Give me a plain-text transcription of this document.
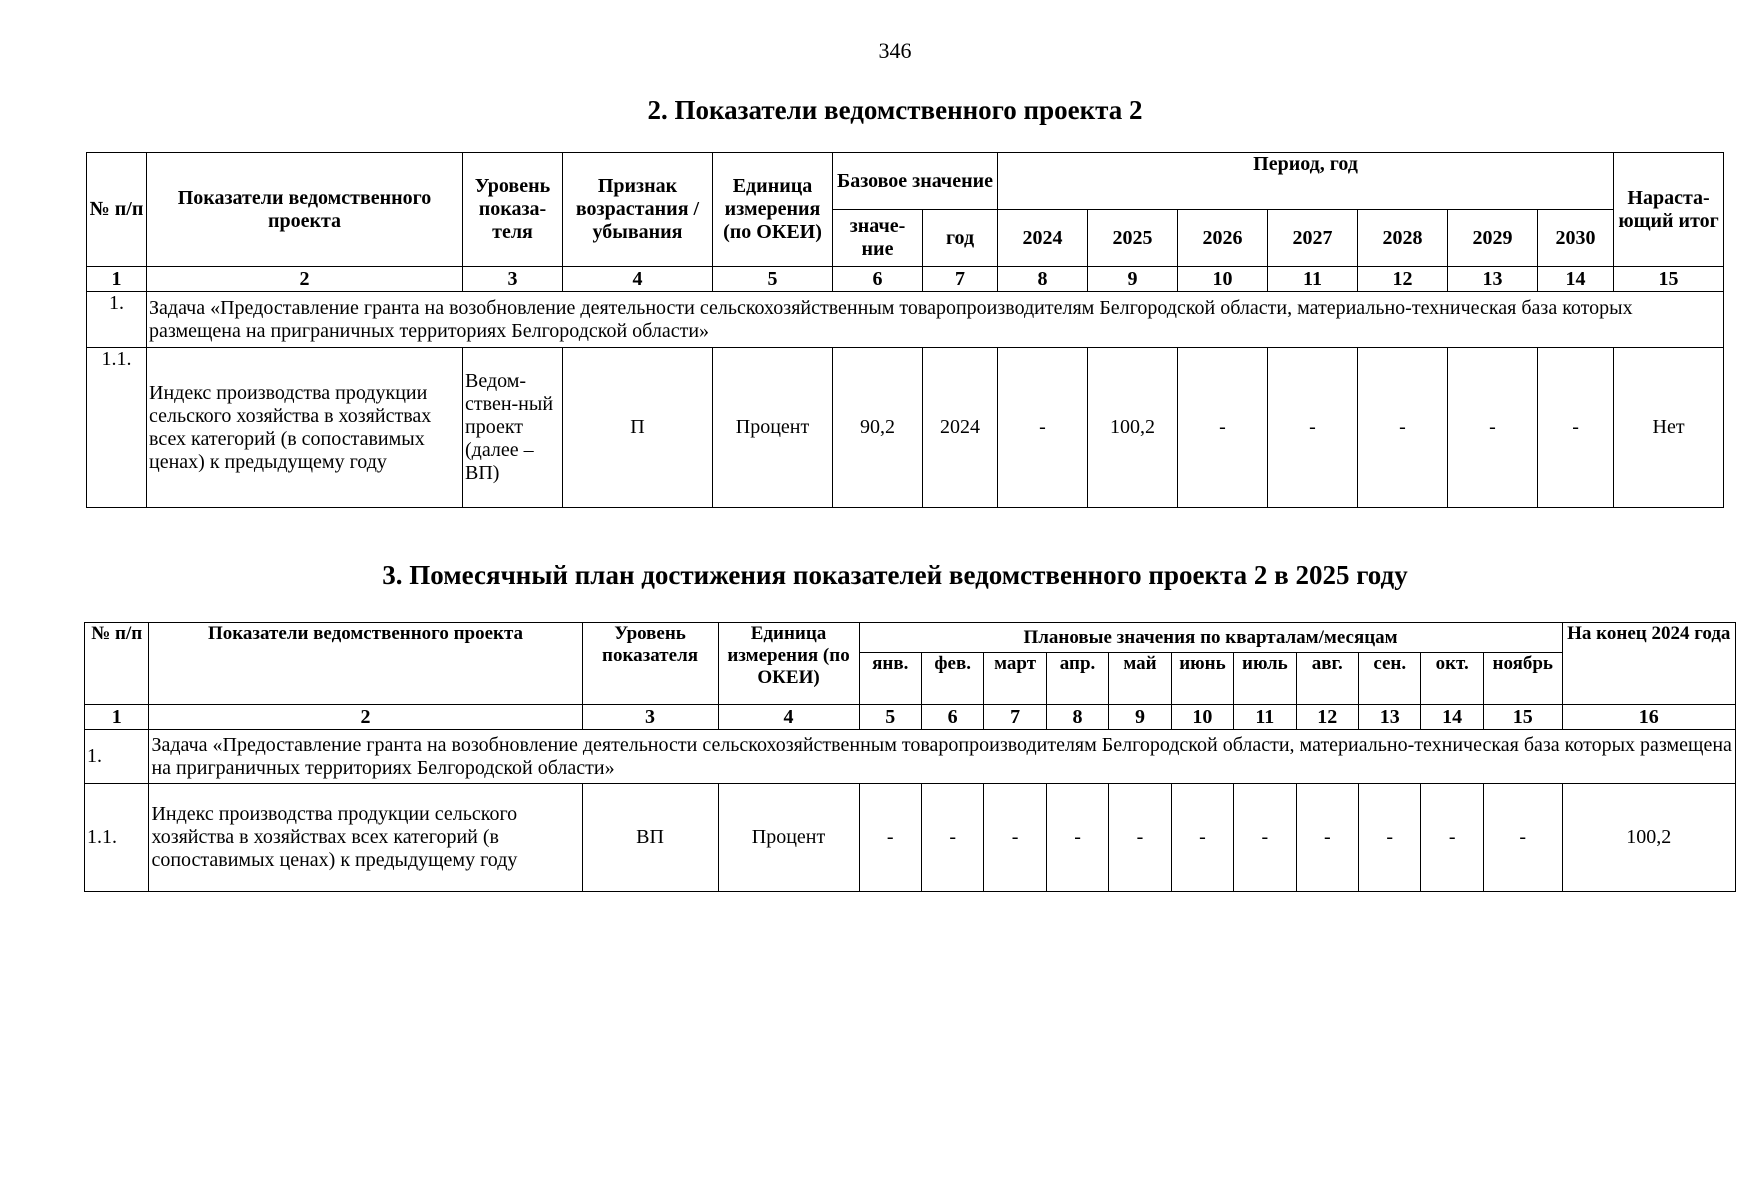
346
2. Показатели ведомственного проекта 2
№ п/п	Показатели ведомственного проекта	Уровень показа-теля	Признак возрастания / убывания	Единица измерения (по ОКЕИ)	Базовое значение		Период, год							Нараста-ющий итог
					значе-ние	год	2024	2025	2026	2027	2028	2029	2030	
1	2	3	4	5	6	7	8	9	10	11	12	13	14	15
1.	Задача «Предоставление гранта на возобновление деятельности сельскохозяйственным товаропроизводителям Белгородской области, материально-техническая база которых размещена на приграничных территориях Белгородской области»													
1.1.	Индекс производства продукции сельского хозяйства в хозяйствах всех категорий (в сопоставимых ценах) к предыдущему году	Ведом-ствен-ный проект (далее – ВП)	П	Процент	90,2	2024	-	100,2	-	-	-	-	-	Нет
3. Помесячный план достижения показателей ведомственного проекта 2 в 2025 году
№ п/п	Показатели ведомственного проекта	Уровень показателя	Единица измерения (по ОКЕИ)	Плановые значения по кварталам/месяцам											На конец 2024 года
				янв.	фев.	март	апр.	май	июнь	июль	авг.	сен.	окт.	ноябрь	
1	2	3	4	5	6	7	8	9	10	11	12	13	14	15	16
1.	Задача «Предоставление гранта на возобновление деятельности сельскохозяйственным товаропроизводителям Белгородской области, материально-техническая база которых размещена на приграничных территориях Белгородской области»														
1.1.	Индекс производства продукции сельского хозяйства в хозяйствах всех категорий (в сопоставимых ценах) к предыдущему году	ВП	Процент	-	-	-	-	-	-	-	-	-	-	-	100,2
